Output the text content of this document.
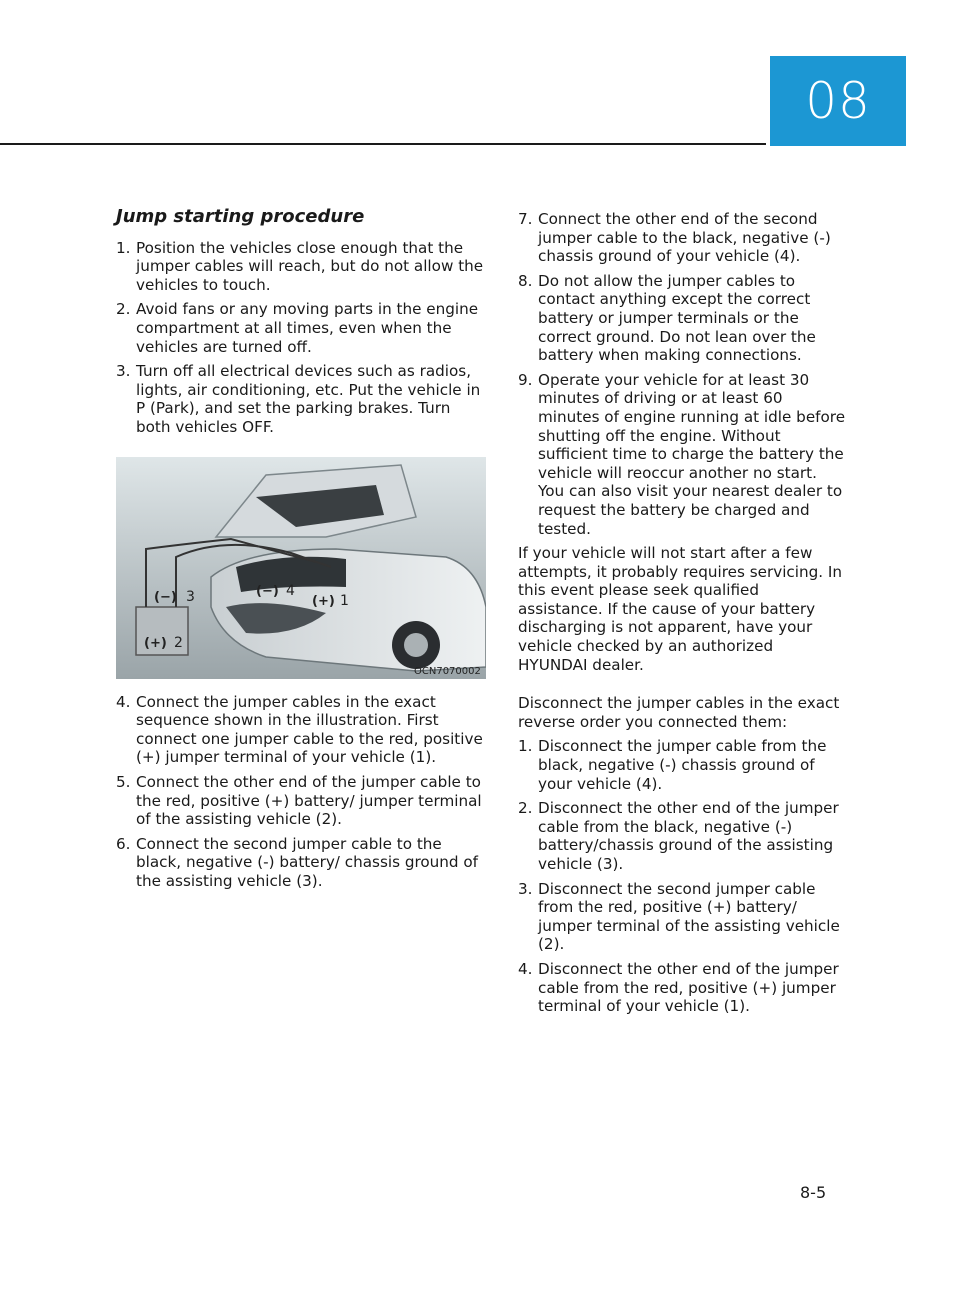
08
Jump starting procedure
1. Position the vehicles close enough that the jumper cables will reach, but do not allow the vehicles to touch.
2. Avoid fans or any moving parts in the engine compartment at all times, even when the vehicles are turned off.
3. Turn off all electrical devices such as radios, lights, air conditioning, etc. Put the vehicle in P (Park), and set the parking brakes. Turn both vehicles OFF.
(−) 3
(+) 2
(−) 4
(+) 1
OCN7070002
4. Connect the jumper cables in the exact sequence shown in the illustration. First connect one jumper cable to the red, positive (+) jumper terminal of your vehicle (1).
5. Connect the other end of the jumper cable to the red, positive (+) battery/ jumper terminal of the assisting vehicle (2).
6. Connect the second jumper cable to the black, negative (-) battery/ chassis ground of the assisting vehicle (3).
7. Connect the other end of the second jumper cable to the black, negative (-) chassis ground of your vehicle (4).
8. Do not allow the jumper cables to contact anything except the correct battery or jumper terminals or the correct ground. Do not lean over the battery when making connections.
9. Operate your vehicle for at least 30 minutes of driving or at least 60 minutes of engine running at idle before shutting off the engine. Without sufficient time to charge the battery the vehicle will reoccur another no start. You can also visit your nearest dealer to request the battery be charged and tested.

If your vehicle will not start after a few attempts, it probably requires servicing. In this event please seek qualified assistance. If the cause of your battery discharging is not apparent, have your vehicle checked by an authorized HYUNDAI dealer.

Disconnect the jumper cables in the exact reverse order you connected them:

1. Disconnect the jumper cable from the black, negative (-) chassis ground of your vehicle (4).
2. Disconnect the other end of the jumper cable from the black, negative (-) battery/chassis ground of the assisting vehicle (3).
3. Disconnect the second jumper cable from the red, positive (+) battery/ jumper terminal of the assisting vehicle (2).
4. Disconnect the other end of the jumper cable from the red, positive (+) jumper terminal of your vehicle (1).
8-5
